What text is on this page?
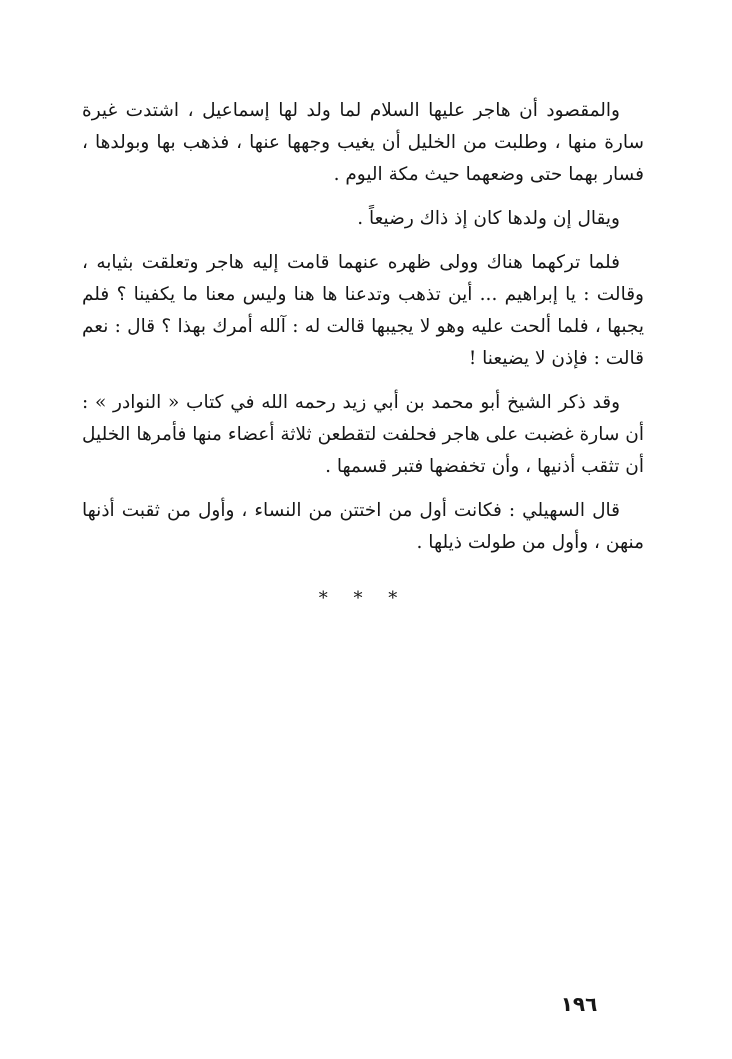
والمقصود أن هاجر عليها السلام لما ولد لها إسماعيل ، اشتدت غيرة سارة منها ، وطلبت من الخليل أن يغيب وجهها عنها ، فذهب بها وبولدها ، فسار بهما حتى وضعهما حيث مكة اليوم .

ويقال إن ولدها كان إذ ذاك رضيعاً .

فلما تركهما هناك وولى ظهره عنهما قامت إليه هاجر وتعلقت بثيابه ، وقالت : يا إبراهيم ... أين تذهب وتدعنا ها هنا وليس معنا ما يكفينا ؟ فلم يجبها ، فلما ألحت عليه وهو لا يجيبها قالت له : آلله أمرك بهذا ؟ قال : نعم قالت : فإذن لا يضيعنا !

وقد ذكر الشيخ أبو محمد بن أبي زيد رحمه الله في كتاب « النوادر » : أن سارة غضبت على هاجر فحلفت لتقطعن ثلاثة أعضاء منها فأمرها الخليل أن تثقب أذنيها ، وأن تخفضها فتبر قسمها .

قال السهيلي : فكانت أول من اختتن من النساء ، وأول من ثقبت أذنها منهن ، وأول من طولت ذيلها .

* * *
١٩٦
